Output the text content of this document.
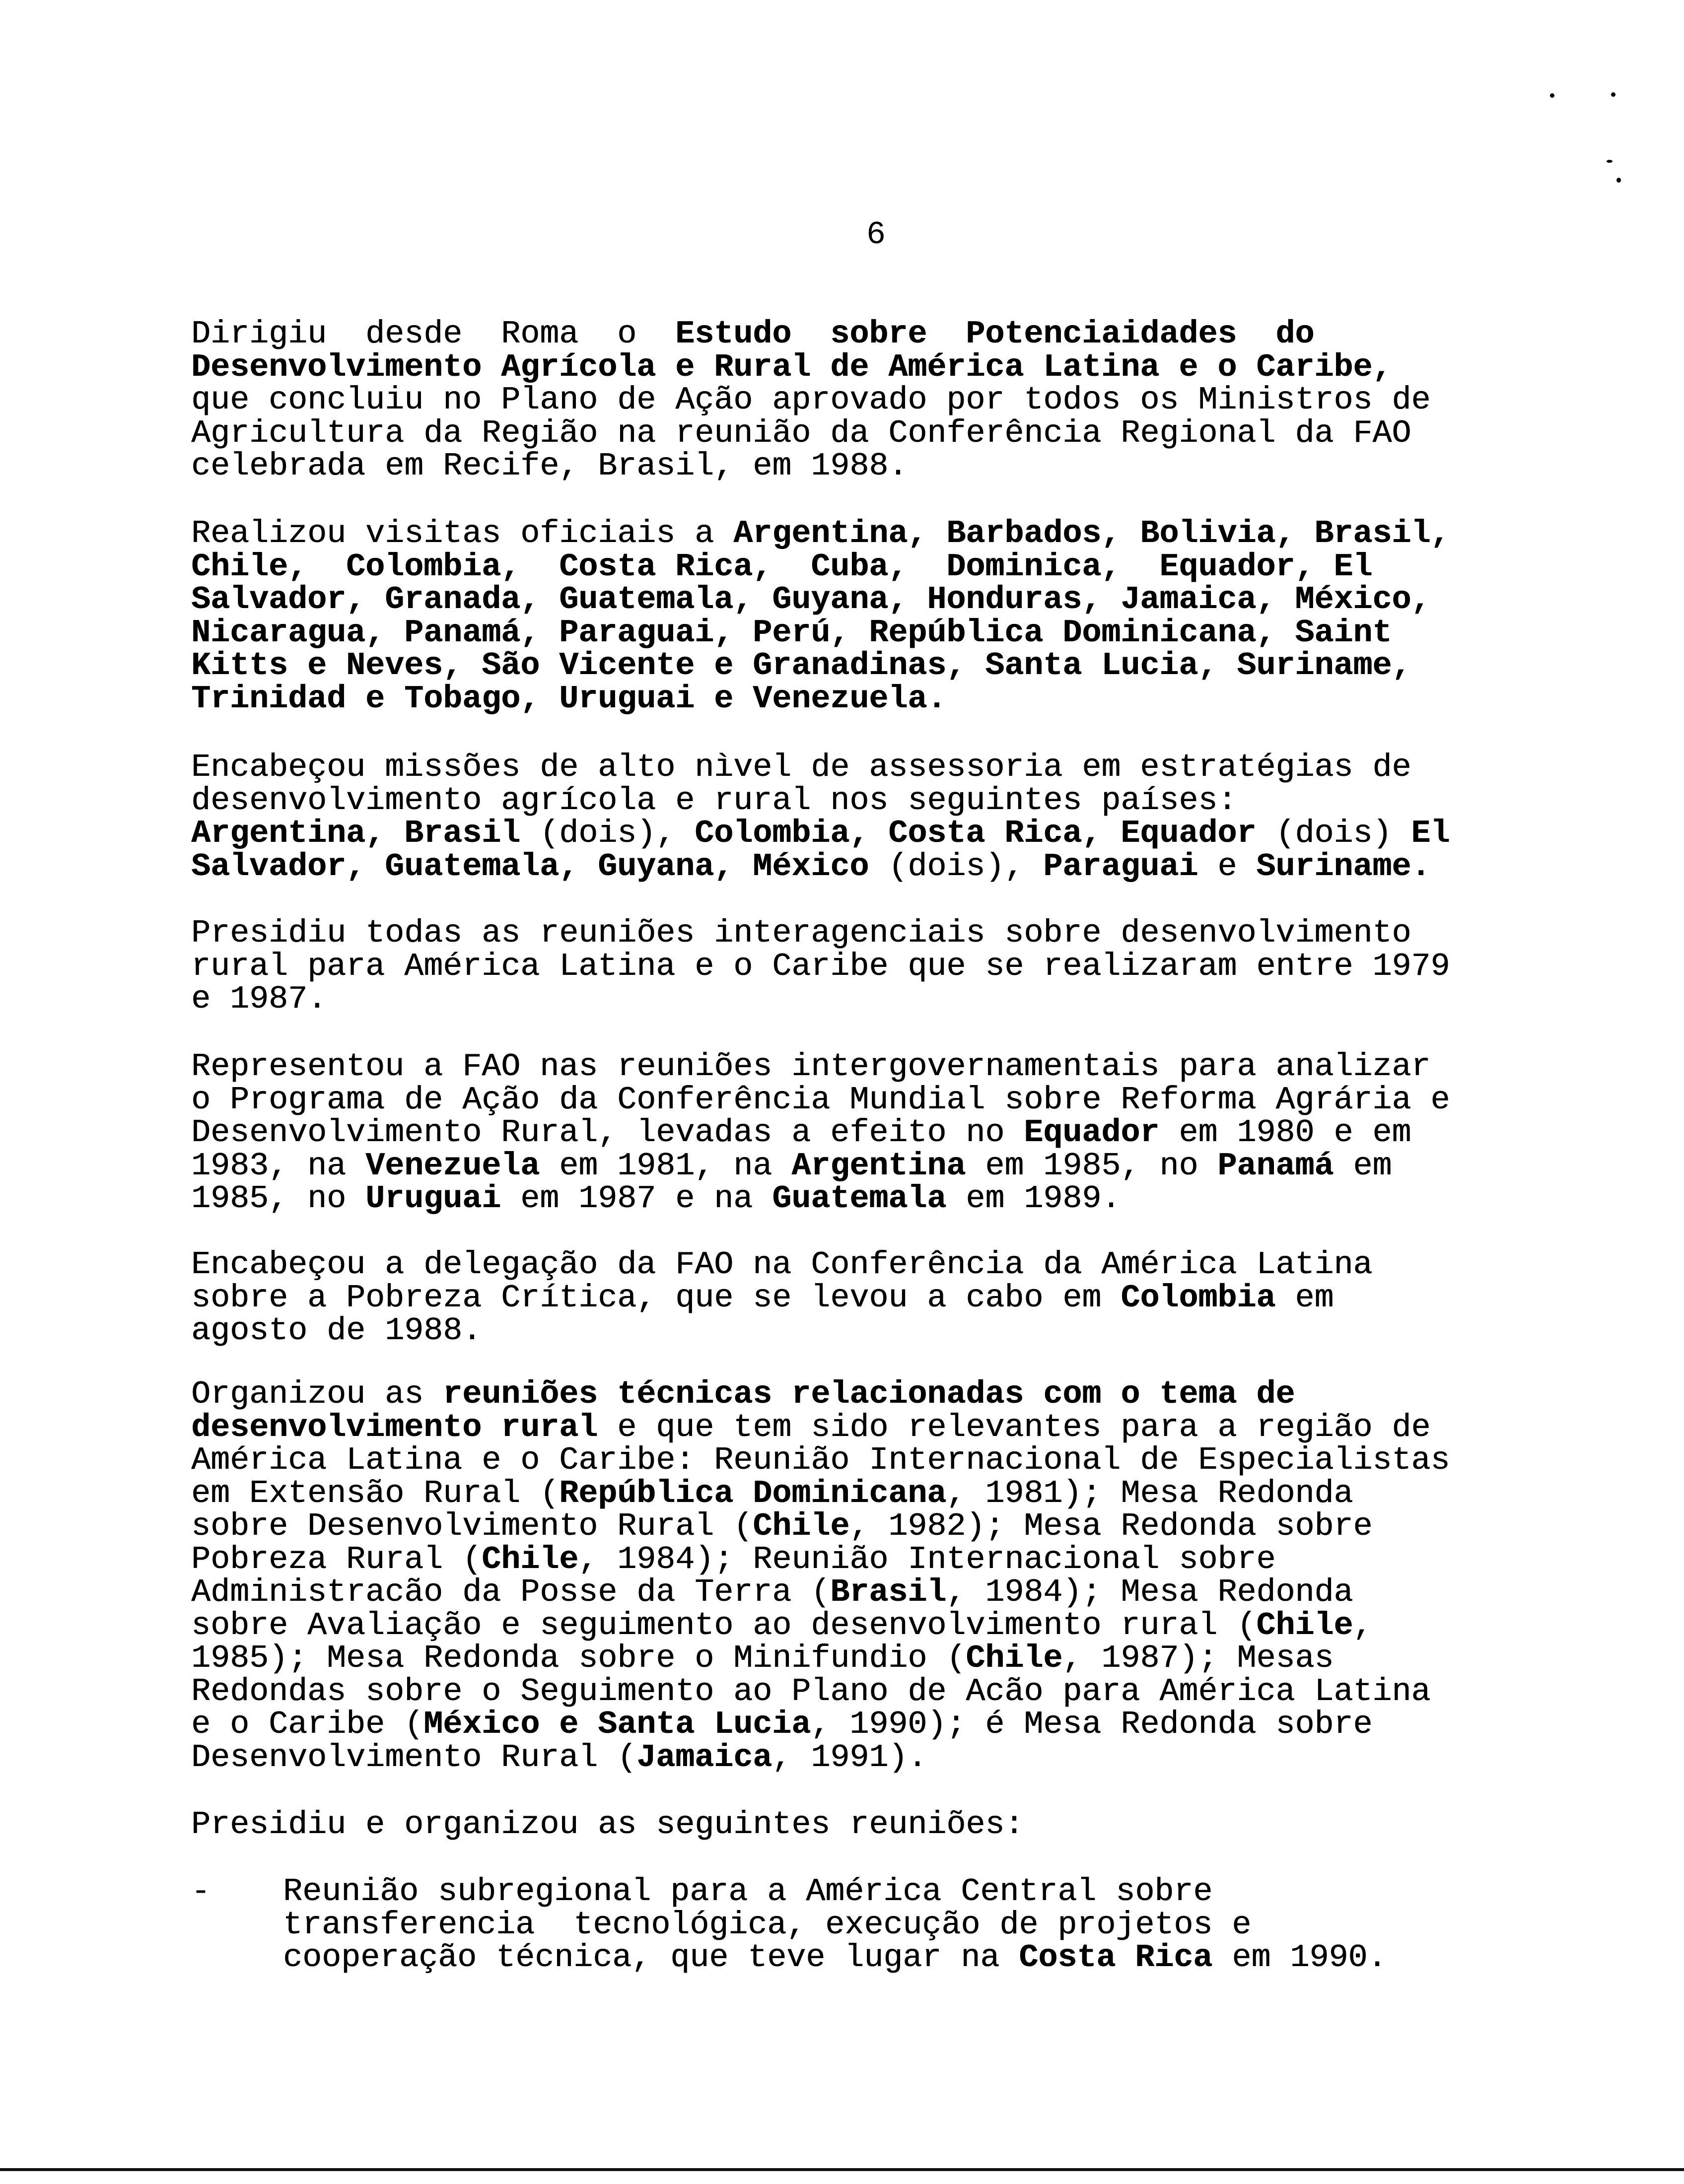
6
Dirigiu  desde  Roma  o  Estudo  sobre  Potenciaidades  do
Desenvolvimento Agrícola e Rural de América Latina e o Caribe,
que concluiu no Plano de Ação aprovado por todos os Ministros de
Agricultura da Região na reunião da Conferência Regional da FAO
celebrada em Recife, Brasil, em 1988.
Realizou visitas oficiais a Argentina, Barbados, Bolivia, Brasil,
Chile,  Colombia,  Costa Rica,  Cuba,  Dominica,  Equador, El
Salvador, Granada, Guatemala, Guyana, Honduras, Jamaica, México,
Nicaragua, Panamá, Paraguai, Perú, República Dominicana, Saint
Kitts e Neves, São Vicente e Granadinas, Santa Lucia, Suriname,
Trinidad e Tobago, Uruguai e Venezuela.
Encabeçou missões de alto nìvel de assessoria em estratégias de
desenvolvimento agrícola e rural nos seguintes países:
Argentina, Brasil (dois), Colombia, Costa Rica, Equador (dois) El
Salvador, Guatemala, Guyana, México (dois), Paraguai e Suriname.
Presidiu todas as reuniões interagenciais sobre desenvolvimento
rural para América Latina e o Caribe que se realizaram entre 1979
e 1987.
Representou a FAO nas reuniões intergovernamentais para analizar
o Programa de Ação da Conferência Mundial sobre Reforma Agrária e
Desenvolvimento Rural, levadas a efeito no Equador em 1980 e em
1983, na Venezuela em 1981, na Argentina em 1985, no Panamá em
1985, no Uruguai em 1987 e na Guatemala em 1989.
Encabeçou a delegação da FAO na Conferência da América Latina
sobre a Pobreza Crítica, que se levou a cabo em Colombia em
agosto de 1988.
Organizou as reuniões técnicas relacionadas com o tema de
desenvolvimento rural e que tem sido relevantes para a região de
América Latina e o Caribe: Reunião Internacional de Especialistas
em Extensão Rural (República Dominicana, 1981); Mesa Redonda
sobre Desenvolvimento Rural (Chile, 1982); Mesa Redonda sobre
Pobreza Rural (Chile, 1984); Reunião Internacional sobre
Administracão da Posse da Terra (Brasil, 1984); Mesa Redonda
sobre Avaliação e seguimento ao desenvolvimento rural (Chile,
1985); Mesa Redonda sobre o Minifundio (Chile, 1987); Mesas
Redondas sobre o Seguimento ao Plano de Acão para América Latina
e o Caribe (México e Santa Lucia, 1990); é Mesa Redonda sobre
Desenvolvimento Rural (Jamaica, 1991).
Presidiu e organizou as seguintes reuniões:
Reunião subregional para a América Central sobre
transferencia  tecnológica, execução de projetos e
cooperação técnica, que teve lugar na Costa Rica em 1990.
-
